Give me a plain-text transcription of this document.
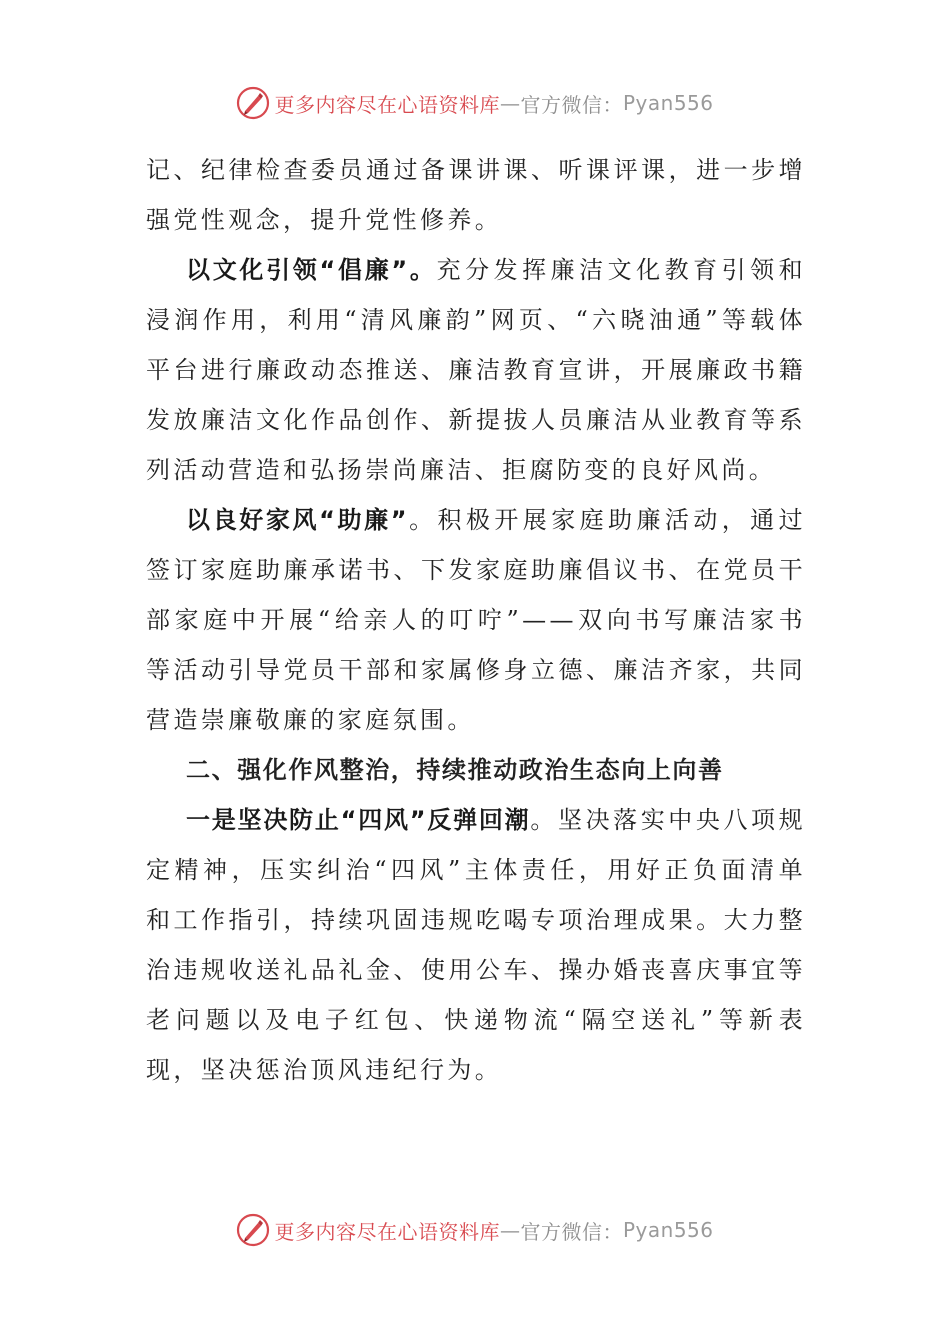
更多内容尽在心语资料库 — 官方微信： Pyan556

记、纪律检查委员通过备课讲课、听课评课，进一步增强党性观念，提升党性修养。

以文化引领“倡廉”。充分发挥廉洁文化教育引领和浸润作用，利用“清风廉韵”网页、“六晓油通”等载体平台进行廉政动态推送、廉洁教育宣讲，开展廉政书籍发放廉洁文化作品创作、新提拔人员廉洁从业教育等系列活动营造和弘扬崇尚廉洁、拒腐防变的良好风尚。

以良好家风“助廉”。积极开展家庭助廉活动，通过签订家庭助廉承诺书、下发家庭助廉倡议书、在党员干部家庭中开展“给亲人的叮咛”——双向书写廉洁家书等活动引导党员干部和家属修身立德、廉洁齐家，共同营造崇廉敬廉的家庭氛围。

二、强化作风整治，持续推动政治生态向上向善

一是坚决防止“四风”反弹回潮。坚决落实中央八项规定精神，压实纠治“四风”主体责任，用好正负面清单和工作指引，持续巩固违规吃喝专项治理成果。大力整治违规收送礼品礼金、使用公车、操办婚丧喜庆事宜等老问题以及电子红包、快递物流“隔空送礼”等新表现，坚决惩治顶风违纪行为。

更多内容尽在心语资料库 — 官方微信： Pyan556
